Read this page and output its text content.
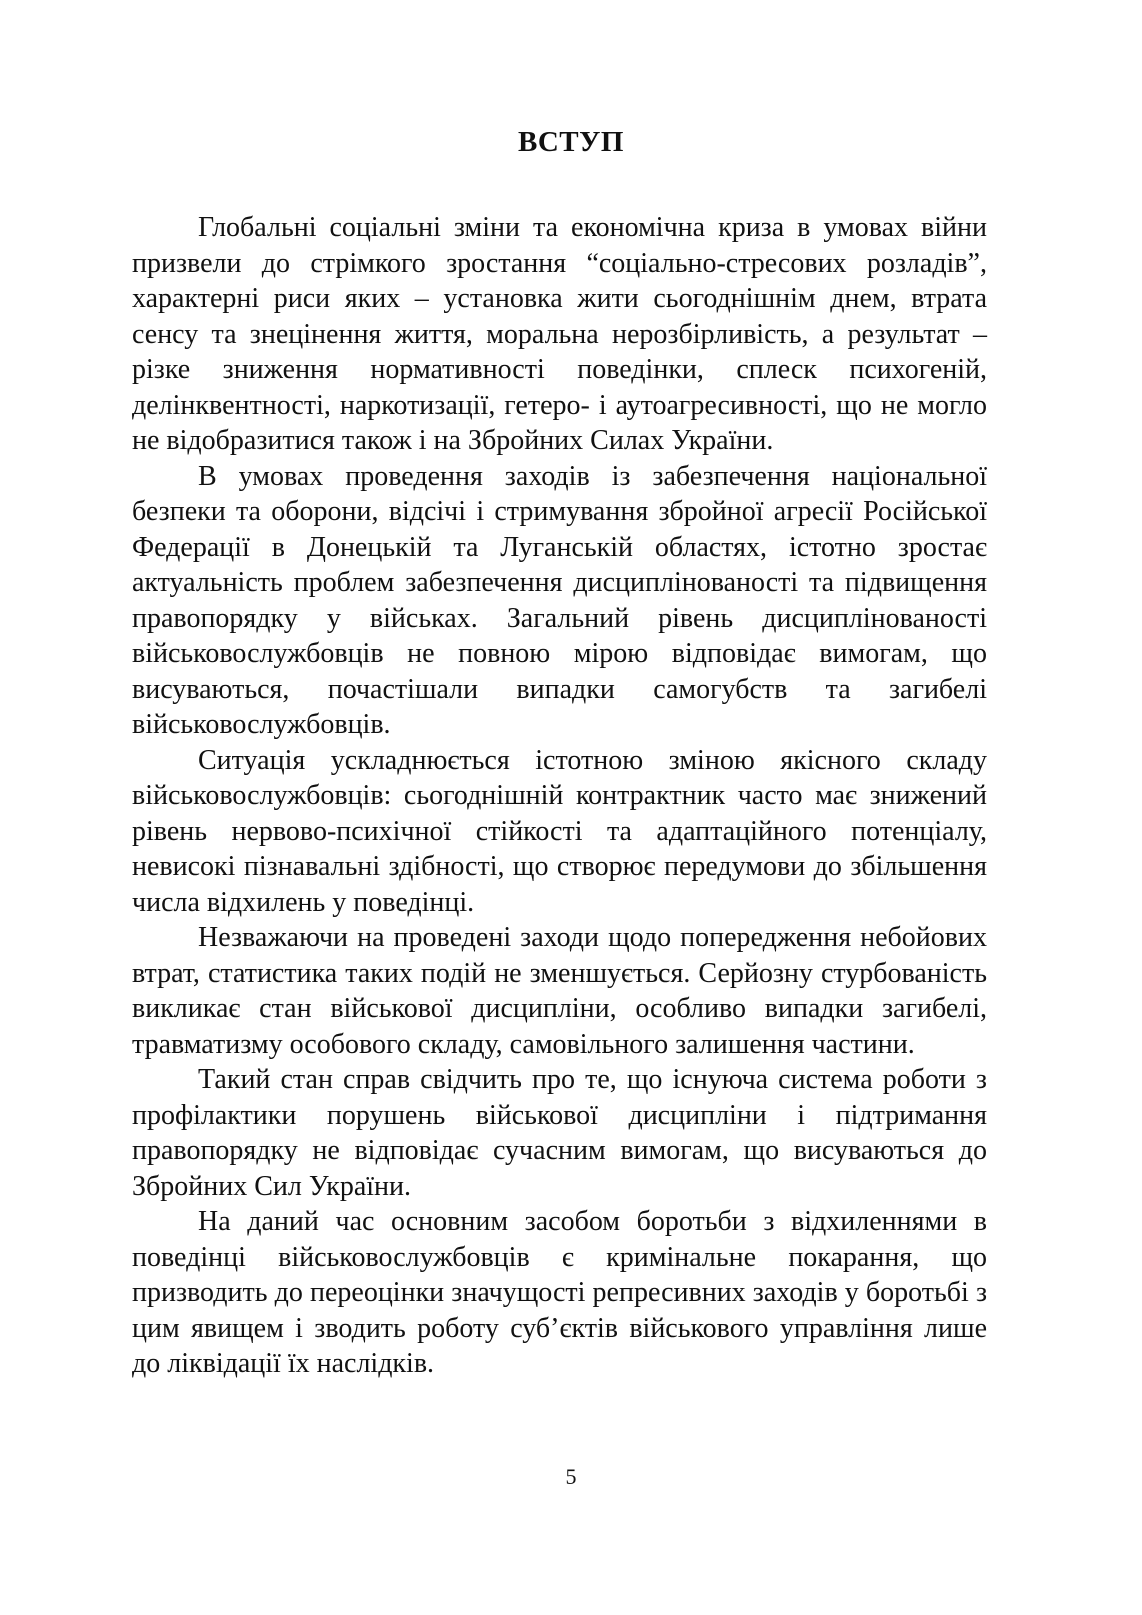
ВСТУП

Глобальні соціальні зміни та економічна криза в умовах війни призвели до стрімкого зростання “соціально-стресових розладів”, характерні риси яких – установка жити сьогоднішнім днем, втрата сенсу та знецінення життя, моральна нерозбірливість, а результат – різке зниження нормативності поведінки, сплеск психогеній, делінквентності, наркотизації, гетеро- і аутоагресивності, що не могло не відобразитися також і на Збройних Силах України.

В умовах проведення заходів із забезпечення національної безпеки та оборони, відсічі і стримування збройної агресії Російської Федерації в Донецькій та Луганській областях, істотно зростає актуальність проблем забезпечення дисциплінованості та підвищення правопорядку у військах. Загальний рівень дисциплінованості військовослужбовців не повною мірою відповідає вимогам, що висуваються, почастішали випадки самогубств та загибелі військовослужбовців.

Ситуація ускладнюється істотною зміною якісного складу військовослужбовців: сьогоднішній контрактник часто має знижений рівень нервово-психічної стійкості та адаптаційного потенціалу, невисокі пізнавальні здібності, що створює передумови до збільшення числа відхилень у поведінці.

Незважаючи на проведені заходи щодо попередження небойових втрат, статистика таких подій не зменшується. Серйозну стурбованість викликає стан військової дисципліни, особливо випадки загибелі, травматизму особового складу, самовільного залишення частини.

Такий стан справ свідчить про те, що існуюча система роботи з профілактики порушень військової дисципліни і підтримання правопорядку не відповідає сучасним вимогам, що висуваються до Збройних Сил України.

На даний час основним засобом боротьби з відхиленнями в поведінці військовослужбовців є кримінальне покарання, що призводить до переоцінки значущості репресивних заходів у боротьбі з цим явищем і зводить роботу суб’єктів військового управління лише до ліквідації їх наслідків.

5
